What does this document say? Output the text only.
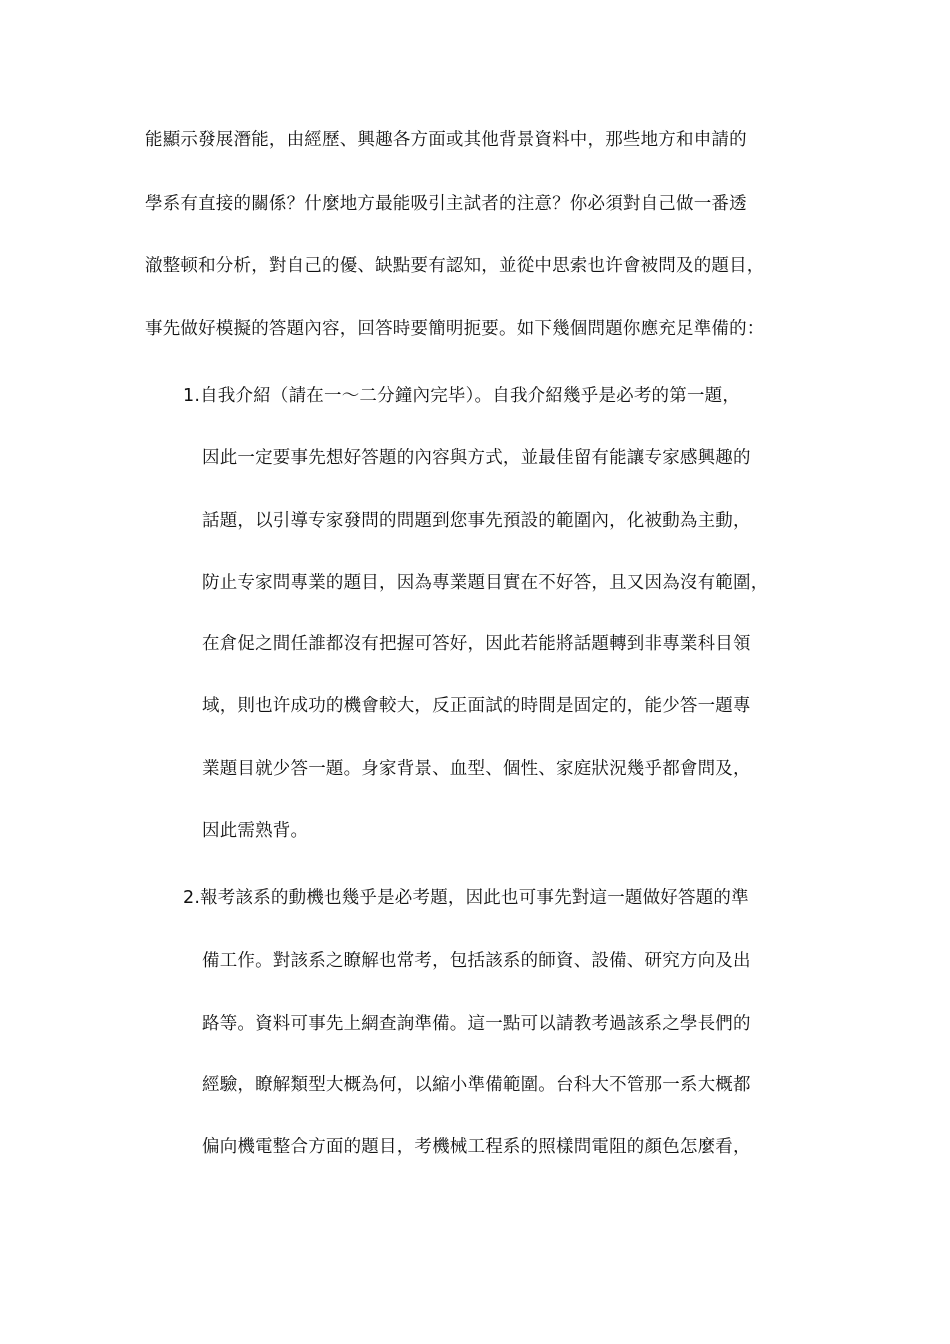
能顯示發展潛能，由經歷、興趣各方面或其他背景資料中，那些地方和申請的
學系有直接的關係？什麼地方最能吸引主試者的注意？你必須對自己做一番透
澈整顿和分析，對自己的優、缺點要有認知，並從中思索也许會被問及的題目，
事先做好模擬的答題內容，回答時要簡明扼要。如下幾個問題你應充足準備的：
1.自我介紹（請在一～二分鐘內完毕）。自我介紹幾乎是必考的第一題，
因此一定要事先想好答題的內容與方式，並最佳留有能讓专家感興趣的
話題，以引導专家發問的問題到您事先預設的範圍內，化被動為主動，
防止专家問專業的題目，因為專業題目實在不好答，且又因為沒有範圍，
在倉促之間任誰都沒有把握可答好，因此若能將話題轉到非專業科目領
域，則也许成功的機會較大，反正面試的時間是固定的，能少答一題專
業題目就少答一題。身家背景、血型、個性、家庭狀況幾乎都會問及，
因此需熟背。
2.報考該系的動機也幾乎是必考題，因此也可事先對這一題做好答題的準
備工作。對該系之瞭解也常考，包括該系的師資、設備、研究方向及出
路等。資料可事先上網查詢準備。這一點可以請教考過該系之學長們的
經驗，瞭解類型大概為何，以縮小準備範圍。台科大不管那一系大概都
偏向機電整合方面的題目，考機械工程系的照樣問電阻的顏色怎麼看，
